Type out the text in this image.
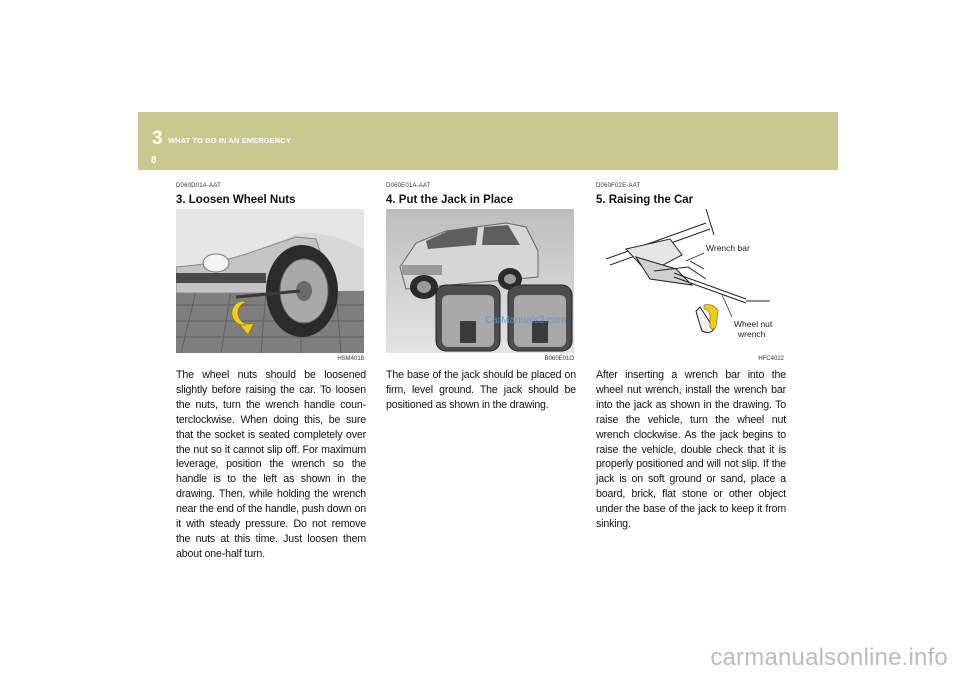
3 WHAT TO DO IN AN EMERGENCY
8
D060D01A-AAT
3. Loosen Wheel Nuts
HSM4018
The wheel nuts should be loosened slightly before raising the car. To loosen the nuts, turn the wrench handle coun-terclockwise. When doing this, be sure that the socket is seated completely over the nut so it cannot slip off. For maximum leverage, position the wrench so the handle is to the left as shown in the drawing. Then, while holding the wrench near the end of the handle, push down on it with steady pressure. Do not remove the nuts at this time. Just loosen them about one-half turn.
D060E01A-AAT
4. Put the Jack in Place
B060E01O
The base of the jack should be placed on firm, level ground. The jack should be positioned as shown in the drawing.
D060F02E-AAT
5. Raising the Car
Wrench bar
Wheel nut
wrench
HFC4022
After inserting a wrench bar into the wheel nut wrench, install the wrench bar into the jack as shown in the drawing. To raise the vehicle, turn the wheel nut wrench clockwise. As the jack begins to raise the vehicle, double check that it is properly positioned and will not slip. If the jack is on soft ground or sand, place a board, brick, flat stone or other object under the base of the jack to keep it from sinking.
CarManuals2.com
carmanualsonline.info
